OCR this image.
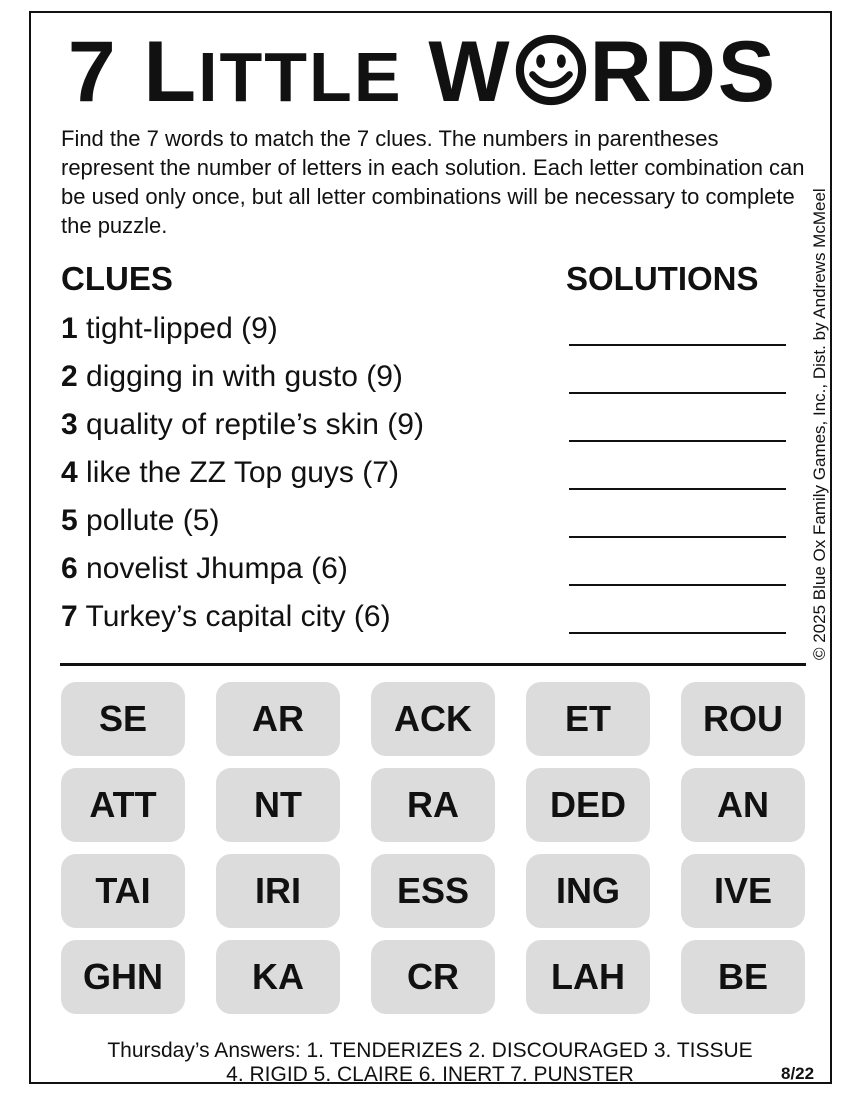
7 LITTLE W RDS
Find the 7 words to match the 7 clues. The numbers in parentheses represent the number of letters in each solution. Each letter combination can be used only once, but all letter combinations will be necessary to complete the puzzle.	© 2025 Blue Ox Family Games, Inc., Dist. by Andrews McMeel
CLUES	SOLUTIONS
1 tight-lipped (9)
2 digging in with gusto (9)
3 quality of reptile’s skin (9)
4 like the ZZ Top guys (7)
5 pollute (5)
6 novelist Jhumpa (6)
7 Turkey’s capital city (6)
SE	AR	ACK	ET	ROU
ATT	NT	RA	DED	AN
TAI	IRI	ESS	ING	IVE
GHN	KA	CR	LAH	BE
Thursday’s Answers: 1. TENDERIZES 2. DISCOURAGED 3. TISSUE
4. RIGID 5. CLAIRE 6. INERT 7. PUNSTER	8/22
